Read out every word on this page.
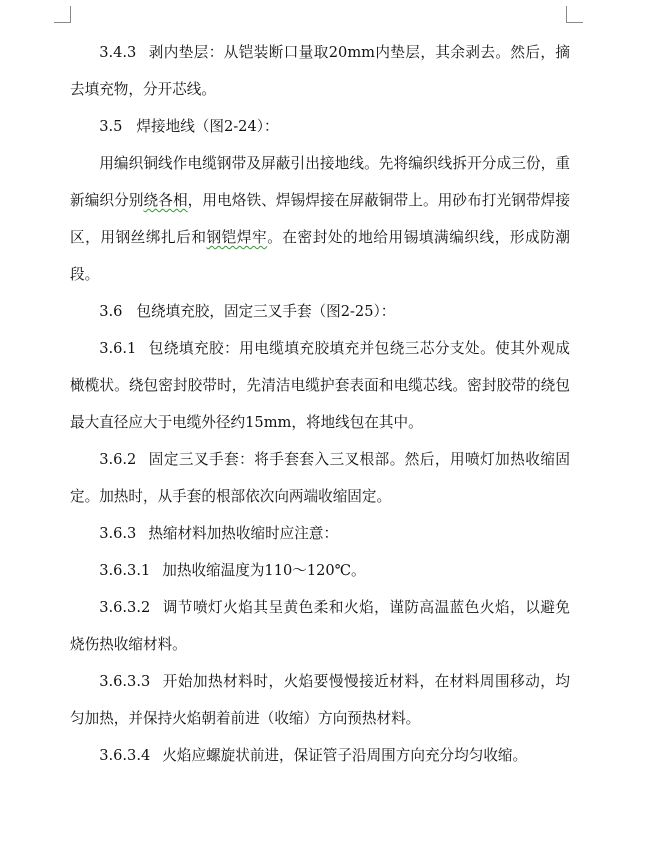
3.4.3 剥内垫层：从铠装断口量取20mm内垫层，其余剥去。然后，摘去填充物，分开芯线。

3.5 焊接地线（图2-24）：

用编织铜线作电缆钢带及屏蔽引出接地线。先将编织线拆开分成三份，重新编织分别绕各相，用电烙铁、焊锡焊接在屏蔽铜带上。用砂布打光钢带焊接区，用钢丝绑扎后和钢铠焊牢。在密封处的地给用锡填满编织线，形成防潮段。

3.6 包绕填充胶，固定三叉手套（图2-25）：

3.6.1 包绕填充胶：用电缆填充胶填充并包绕三芯分支处。使其外观成橄榄状。绕包密封胶带时，先清洁电缆护套表面和电缆芯线。密封胶带的绕包最大直径应大于电缆外径约15mm，将地线包在其中。

3.6.2 固定三叉手套：将手套套入三叉根部。然后，用喷灯加热收缩固定。加热时，从手套的根部依次向两端收缩固定。

3.6.3 热缩材料加热收缩时应注意：

3.6.3.1 加热收缩温度为110～120℃。

3.6.3.2 调节喷灯火焰其呈黄色柔和火焰，谨防高温蓝色火焰，以避免烧伤热收缩材料。

3.6.3.3 开始加热材料时，火焰要慢慢接近材料，在材料周围移动，均匀加热，并保持火焰朝着前进（收缩）方向预热材料。

3.6.3.4 火焰应螺旋状前进，保证管子沿周围方向充分均匀收缩。
